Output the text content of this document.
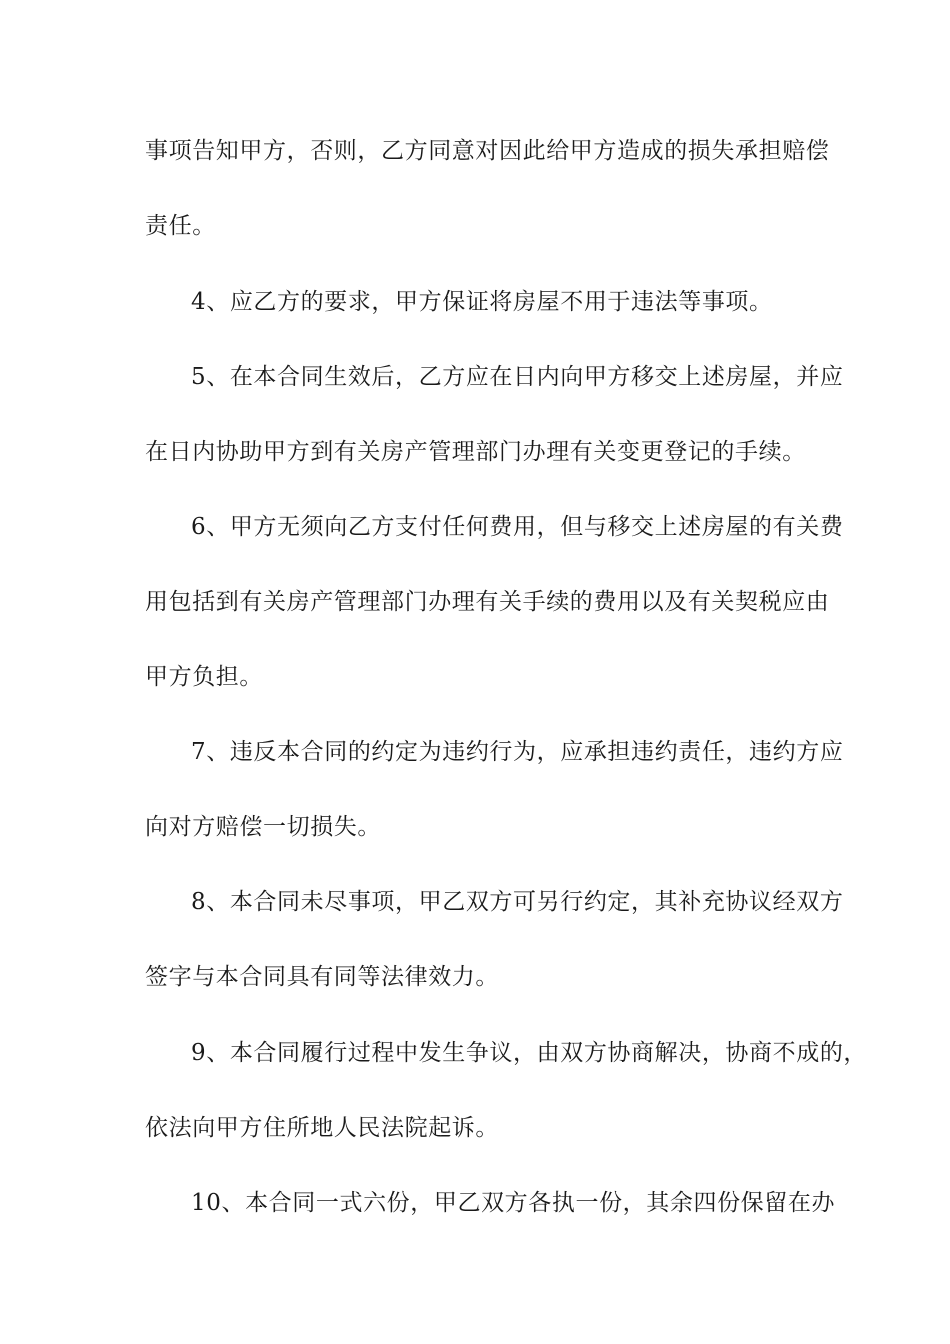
事项告知甲方，否则，乙方同意对因此给甲方造成的损失承担赔偿
责任。
4、应乙方的要求，甲方保证将房屋不用于违法等事项。
5、在本合同生效后，乙方应在日内向甲方移交上述房屋，并应
在日内协助甲方到有关房产管理部门办理有关变更登记的手续。
6、甲方无须向乙方支付任何费用，但与移交上述房屋的有关费
用包括到有关房产管理部门办理有关手续的费用以及有关契税应由
甲方负担。
7、违反本合同的约定为违约行为，应承担违约责任，违约方应
向对方赔偿一切损失。
8、本合同未尽事项，甲乙双方可另行约定，其补充协议经双方
签字与本合同具有同等法律效力。
9、本合同履行过程中发生争议，由双方协商解决，协商不成的，
依法向甲方住所地人民法院起诉。
10、本合同一式六份，甲乙双方各执一份，其余四份保留在办
